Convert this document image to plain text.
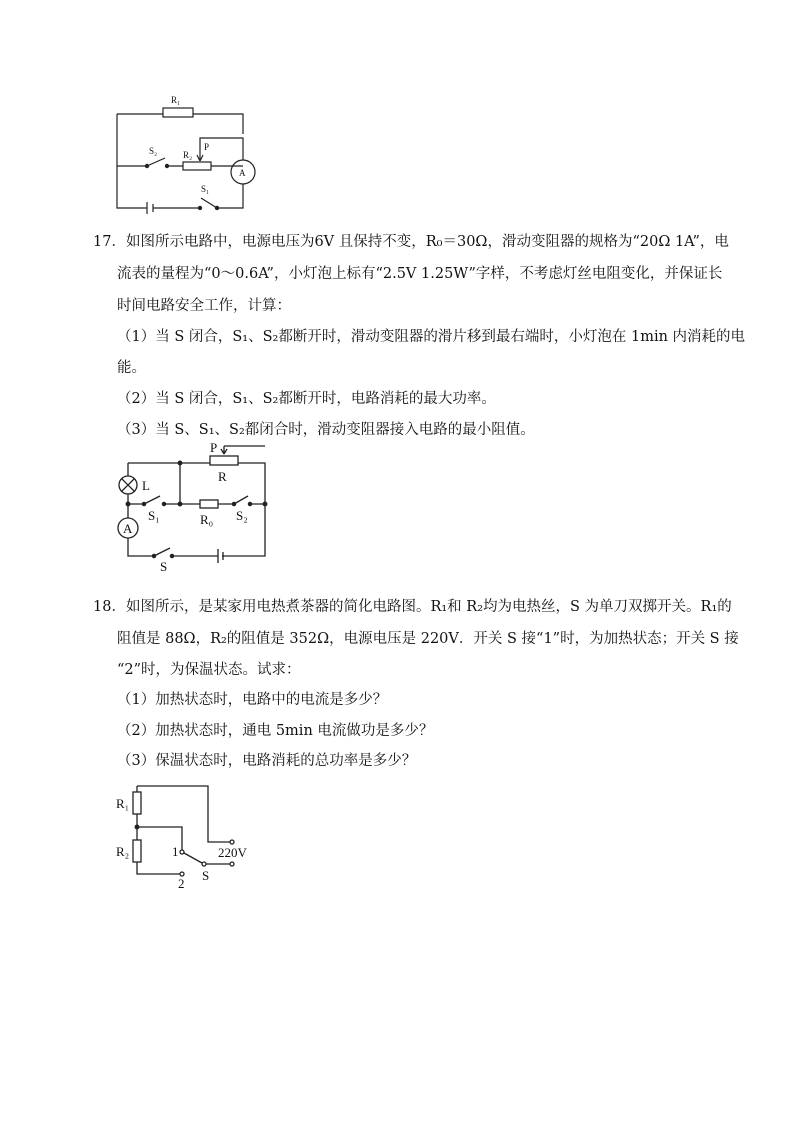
R₁
S₂	R₂
P
S₁
A
17．如图所示电路中，电源电压为6V 且保持不变，R₀＝30Ω，滑动变阻器的规格为“20Ω 1A”，电
流表的量程为“0～0.6A”，小灯泡上标有“2.5V 1.25W”字样，不考虑灯丝电阻变化，并保证长
时间电路安全工作，计算：
（1）当 S 闭合，S₁、S₂都断开时，滑动变阻器的滑片移到最右端时，小灯泡在 1min 内消耗的电
能。
（2）当 S 闭合，S₁、S₂都断开时，电路消耗的最大功率。
（3）当 S、S₁、S₂都闭合时，滑动变阻器接入电路的最小阻值。
P
R
L
S₁	R₀ S₂
A
S
18．如图所示，是某家用电热煮茶器的简化电路图。R₁和 R₂均为电热丝，S 为单刀双掷开关。R₁的
阻值是 88Ω，R₂的阻值是 352Ω，电源电压是 220V．开关 S 接“1”时，为加热状态；开关 S 接
“2”时，为保温状态。试求：
（1）加热状态时，电路中的电流是多少？
（2）加热状态时，通电 5min 电流做功是多少？
（3）保温状态时，电路消耗的总功率是多少？
R₁
R₂	1
2
220V
S
